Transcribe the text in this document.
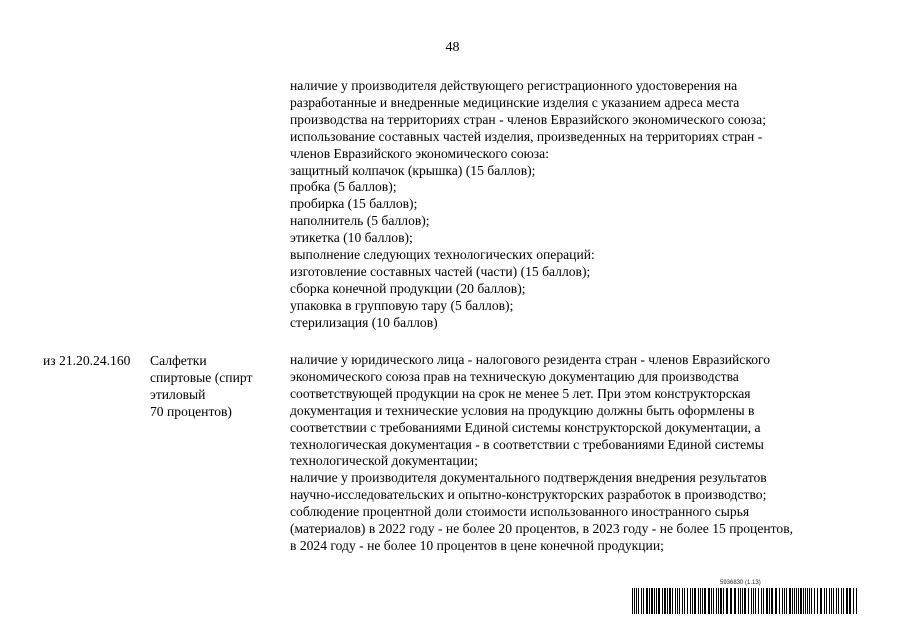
48
наличие у производителя действующего регистрационного удостоверения на
разработанные и внедренные медицинские изделия с указанием адреса места
производства на территориях стран - членов Евразийского экономического союза;
использование составных частей изделия, произведенных на территориях стран -
членов Евразийского экономического союза:
защитный колпачок (крышка) (15 баллов);
пробка (5 баллов);
пробирка (15 баллов);
наполнитель (5 баллов);
этикетка (10 баллов);
выполнение следующих технологических операций:
изготовление составных частей (части) (15 баллов);
сборка конечной продукции (20 баллов);
упаковка в групповую тару (5 баллов);
стерилизация (10 баллов)
из 21.20.24.160 Салфетки
спиртовые (спирт
этиловый
70 процентов)
наличие у юридического лица - налогового резидента стран - членов Евразийского
экономического союза прав на техническую документацию для производства
соответствующей продукции на срок не менее 5 лет. При этом конструкторская
документация и технические условия на продукцию должны быть оформлены в
соответствии с требованиями Единой системы конструкторской документации, а
технологическая документация - в соответствии с требованиями Единой системы
технологической документации;
наличие у производителя документального подтверждения внедрения результатов
научно-исследовательских и опытно-конструкторских разработок в производство;
соблюдение процентной доли стоимости использованного иностранного сырья
(материалов) в 2022 году - не более 20 процентов, в 2023 году - не более 15 процентов,
в 2024 году - не более 10 процентов в цене конечной продукции;
5936830 (1.13)
